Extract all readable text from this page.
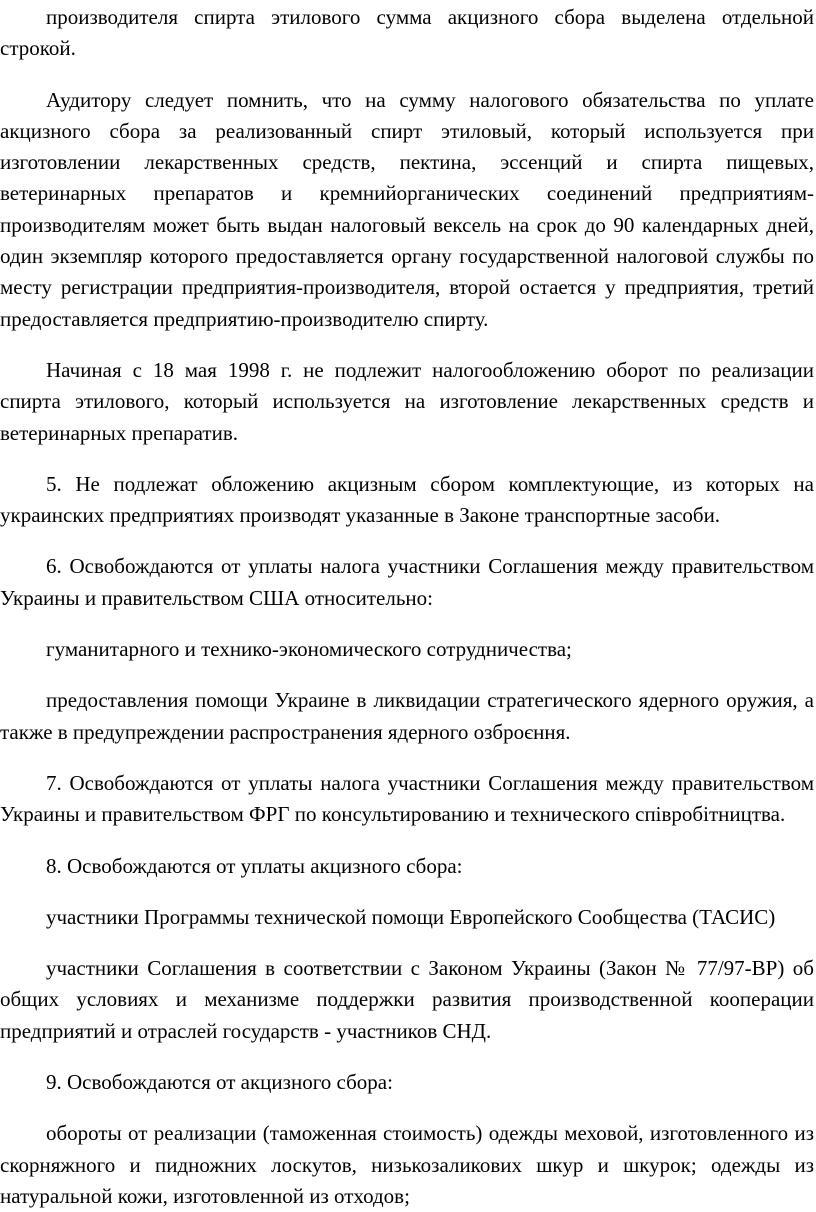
производителя спирта этилового сумма акцизного сбора выделена отдельной строкой.

Аудитору следует помнить, что на сумму налогового обязательства по уплате акцизного сбора за реализованный спирт этиловый, который используется при изготовлении лекарственных средств, пектина, эссенций и спирта пищевых, ветеринарных препаратов и кремнийорганических соединений предприятиям-производителям может быть выдан налоговый вексель на срок до 90 календарных дней, один экземпляр которого предоставляется органу государственной налоговой службы по месту регистрации предприятия-производителя, второй остается у предприятия, третий предоставляется предприятию-производителю спирту.

Начиная с 18 мая 1998 г. не подлежит налогообложению оборот по реализации спирта этилового, который используется на изготовление лекарственных средств и ветеринарных препаратив.

5. Не подлежат обложению акцизным сбором комплектующие, из которых на украинских предприятиях производят указанные в Законе транспортные засоби.

6. Освобождаются от уплаты налога участники Соглашения между правительством Украины и правительством США относительно:

гуманитарного и технико-экономического сотрудничества;

предоставления помощи Украине в ликвидации стратегического ядерного оружия, а также в предупреждении распространения ядерного озброєння.

7. Освобождаются от уплаты налога участники Соглашения между правительством Украины и правительством ФРГ по консультированию и технического співробітництва.

8. Освобождаются от уплаты акцизного сбора:

участники Программы технической помощи Европейского Сообщества (ТАСИС)

участники Соглашения в соответствии с Законом Украины (Закон № 77/97-ВР) об общих условиях и механизме поддержки развития производственной кооперации предприятий и отраслей государств - участников СНД.

9. Освобождаются от акцизного сбора:

обороты от реализации (таможенная стоимость) одежды меховой, изготовленного из скорняжного и пидножних лоскутов, низькозаликових шкур и шкурок; одежды из натуральной кожи, изготовленной из отходов;
